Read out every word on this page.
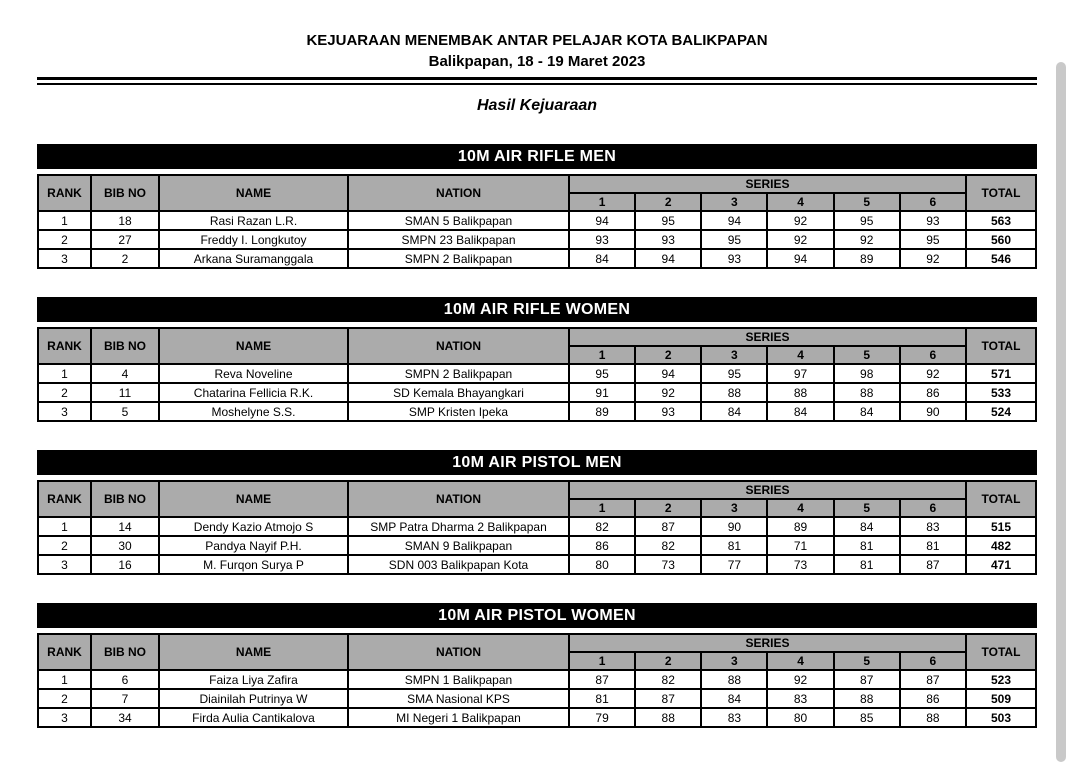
KEJUARAAN MENEMBAK ANTAR PELAJAR KOTA BALIKPAPAN
Balikpapan, 18 - 19 Maret 2023
Hasil Kejuaraan
10M AIR RIFLE MEN
RANK	BIB NO	NAME	NATION	SERIES						TOTAL
				1	2	3	4	5	6	
1	18	Rasi Razan L.R.	SMAN 5 Balikpapan	94	95	94	92	95	93	563
2	27	Freddy I. Longkutoy	SMPN 23 Balikpapan	93	93	95	92	92	95	560
3	2	Arkana Suramanggala	SMPN 2 Balikpapan	84	94	93	94	89	92	546
10M AIR RIFLE WOMEN
RANK	BIB NO	NAME	NATION	SERIES						TOTAL
				1	2	3	4	5	6	
1	4	Reva Noveline	SMPN 2 Balikpapan	95	94	95	97	98	92	571
2	11	Chatarina Fellicia R.K.	SD Kemala Bhayangkari	91	92	88	88	88	86	533
3	5	Moshelyne S.S.	SMP Kristen Ipeka	89	93	84	84	84	90	524
10M AIR PISTOL MEN
RANK	BIB NO	NAME	NATION	SERIES						TOTAL
				1	2	3	4	5	6	
1	14	Dendy Kazio Atmojo S	SMP Patra Dharma 2 Balikpapan	82	87	90	89	84	83	515
2	30	Pandya Nayif P.H.	SMAN 9 Balikpapan	86	82	81	71	81	81	482
3	16	M. Furqon Surya P	SDN 003 Balikpapan Kota	80	73	77	73	81	87	471
10M AIR PISTOL WOMEN
RANK	BIB NO	NAME	NATION	SERIES						TOTAL
				1	2	3	4	5	6	
1	6	Faiza Liya Zafira	SMPN 1 Balikpapan	87	82	88	92	87	87	523
2	7	Diainilah Putrinya W	SMA Nasional KPS	81	87	84	83	88	86	509
3	34	Firda Aulia Cantikalova	MI Negeri 1 Balikpapan	79	88	83	80	85	88	503
